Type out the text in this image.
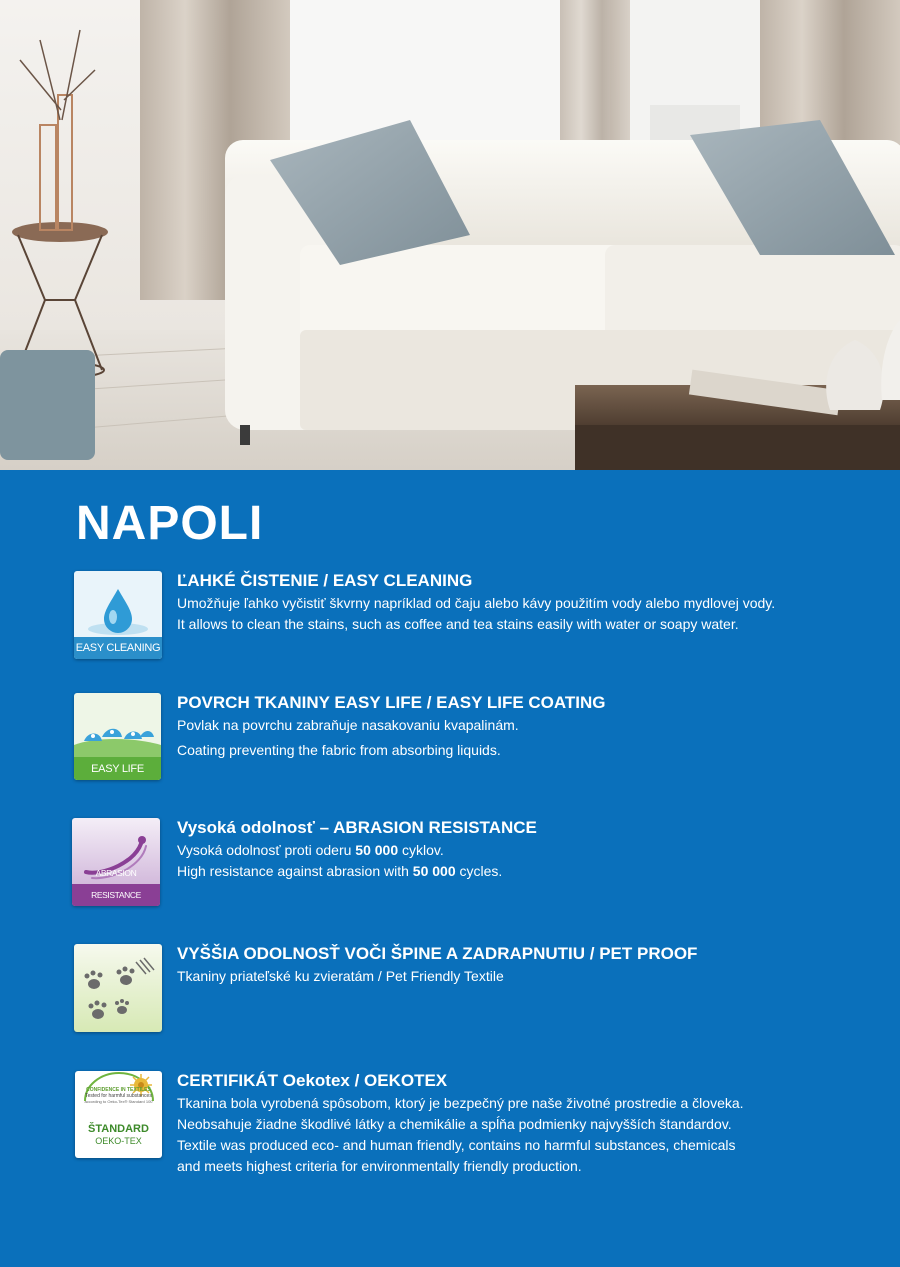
NAPOLI
EASY CLEANING
ĽAHKÉ ČISTENIE / EASY CLEANING

Umožňuje ľahko vyčistiť škvrny napríklad od čaju alebo kávy použitím vody alebo mydlovej vody.
It allows to clean the stains, such as coffee and tea stains easily with water or soapy water.

EASY LIFE
POVRCH TKANINY EASY LIFE / EASY LIFE COATING

Povlak na povrchu zabraňuje nasakovaniu kvapalinám.
Coating preventing the fabric from absorbing liquids.

ABRASION RESISTANCE
Vysoká odolnosť – ABRASION RESISTANCE

Vysoká odolnosť proti oderu 50 000 cyklov.
High resistance against abrasion with 50 000 cycles.

VYŠŠIA ODOLNOSŤ VOČI ŠPINE A ZADRAPNUTIU / PET PROOF

Tkaniny priateľské ku zvieratám / Pet Friendly Textile

CONFIDENCE IN TEXTILES
Tested for harmful substances
according to Oeko-Tex® Standard 100
ŠTANDARD
OEKO-TEX
CERTIFIKÁT Oekotex / OEKOTEX

Tkanina bola vyrobená spôsobom, ktorý je bezpečný pre naše životné prostredie a človeka.
Neobsahuje žiadne škodlivé látky a chemikálie a spĺňa podmienky najvyšších štandardov.
Textile was produced eco- and human friendly, contains no harmful substances, chemicals
and meets highest criteria for environmentally friendly production.
